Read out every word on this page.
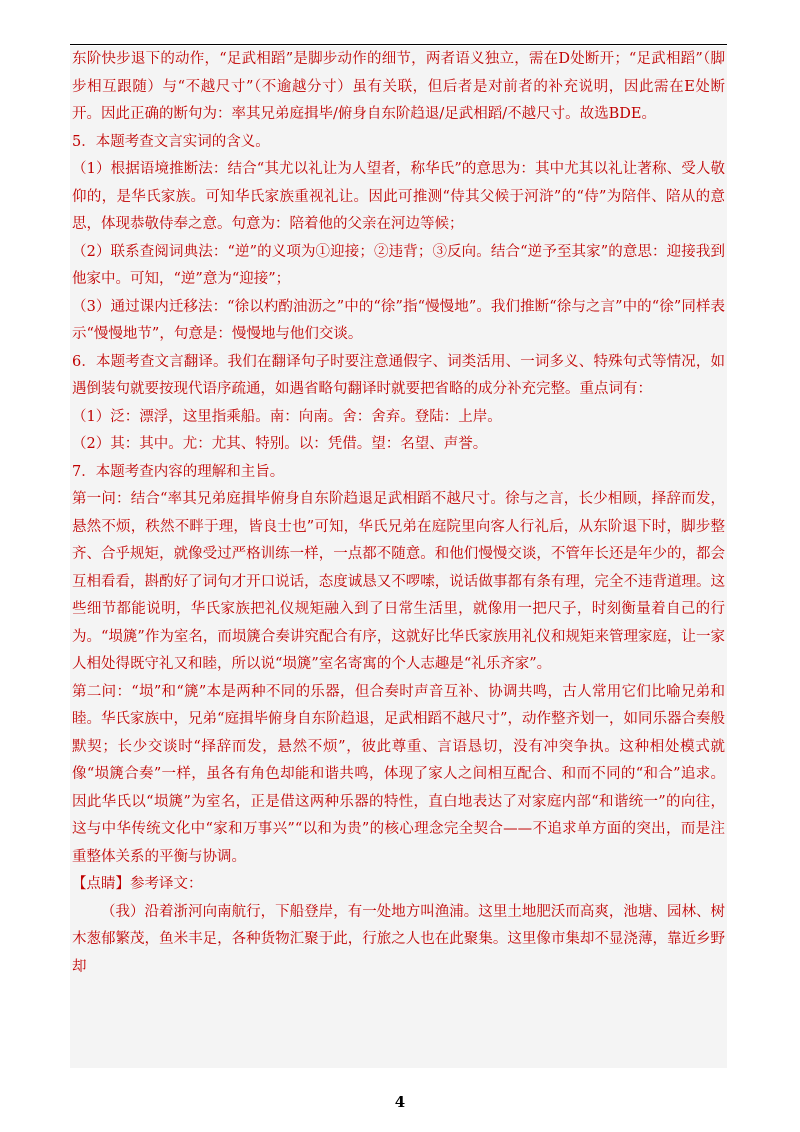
东阶快步退下的动作，“足武相蹈”是脚步动作的细节，两者语义独立，需在D处断开；“足武相蹈”（脚步相互跟随）与“不越尺寸”（不逾越分寸）虽有关联，但后者是对前者的补充说明，因此需在E处断开。因此正确的断句为：率其兄弟庭揖毕/俯身自东阶趋退/足武相蹈/不越尺寸。故选BDE。

5．本题考查文言实词的含义。

（1）根据语境推断法：结合“其尤以礼让为人望者，称华氏”的意思为：其中尤其以礼让著称、受人敬仰的，是华氏家族。可知华氏家族重视礼让。因此可推测“侍其父候于河浒”的“侍”为陪伴、陪从的意思，体现恭敬侍奉之意。句意为：陪着他的父亲在河边等候；

（2）联系查阅词典法：“逆”的义项为①迎接；②违背；③反向。结合“逆予至其家”的意思：迎接我到他家中。可知，“逆”意为“迎接”；

（3）通过课内迁移法：“徐以杓酌油沥之”中的“徐”指“慢慢地”。我们推断“徐与之言”中的“徐”同样表示“慢慢地节”，句意是：慢慢地与他们交谈。

6．本题考查文言翻译。我们在翻译句子时要注意通假字、词类活用、一词多义、特殊句式等情况，如遇倒装句就要按现代语序疏通，如遇省略句翻译时就要把省略的成分补充完整。重点词有：

（1）泛：漂浮，这里指乘船。南：向南。舍：舍弃。登陆：上岸。

（2）其：其中。尤：尤其、特别。以：凭借。望：名望、声誉。

7．本题考查内容的理解和主旨。

第一问：结合“率其兄弟庭揖毕俯身自东阶趋退足武相蹈不越尺寸。徐与之言，长少相顾，择辞而发，悬然不烦，秩然不畔于理，皆良士也”可知，华氏兄弟在庭院里向客人行礼后，从东阶退下时，脚步整齐、合乎规矩，就像受过严格训练一样，一点都不随意。和他们慢慢交谈，不管年长还是年少的，都会互相看看，斟酌好了词句才开口说话，态度诚恳又不啰嗦，说话做事都有条有理，完全不违背道理。这些细节都能说明，华氏家族把礼仪规矩融入到了日常生活里，就像用一把尺子，时刻衡量着自己的行为。“埙篪”作为室名，而埙篪合奏讲究配合有序，这就好比华氏家族用礼仪和规矩来管理家庭，让一家人相处得既守礼又和睦，所以说“埙篪”室名寄寓的个人志趣是“礼乐齐家”。

第二问：“埙”和“篪”本是两种不同的乐器，但合奏时声音互补、协调共鸣，古人常用它们比喻兄弟和睦。华氏家族中，兄弟“庭揖毕俯身自东阶趋退，足武相蹈不越尺寸”，动作整齐划一，如同乐器合奏般默契；长少交谈时“择辞而发，悬然不烦”，彼此尊重、言语恳切，没有冲突争执。这种相处模式就像“埙篪合奏”一样，虽各有角色却能和谐共鸣，体现了家人之间相互配合、和而不同的“和合”追求。因此华氏以“埙篪”为室名，正是借这两种乐器的特性，直白地表达了对家庭内部“和谐统一”的向往，这与中华传统文化中“家和万事兴”“以和为贵”的核心理念完全契合——不追求单方面的突出，而是注重整体关系的平衡与协调。

【点睛】参考译文：

（我）沿着浙河向南航行，下船登岸，有一处地方叫渔浦。这里土地肥沃而高爽，池塘、园林、树木葱郁繁茂，鱼米丰足，各种货物汇聚于此，行旅之人也在此聚集。这里像市集却不显浇薄，靠近乡野却

4
